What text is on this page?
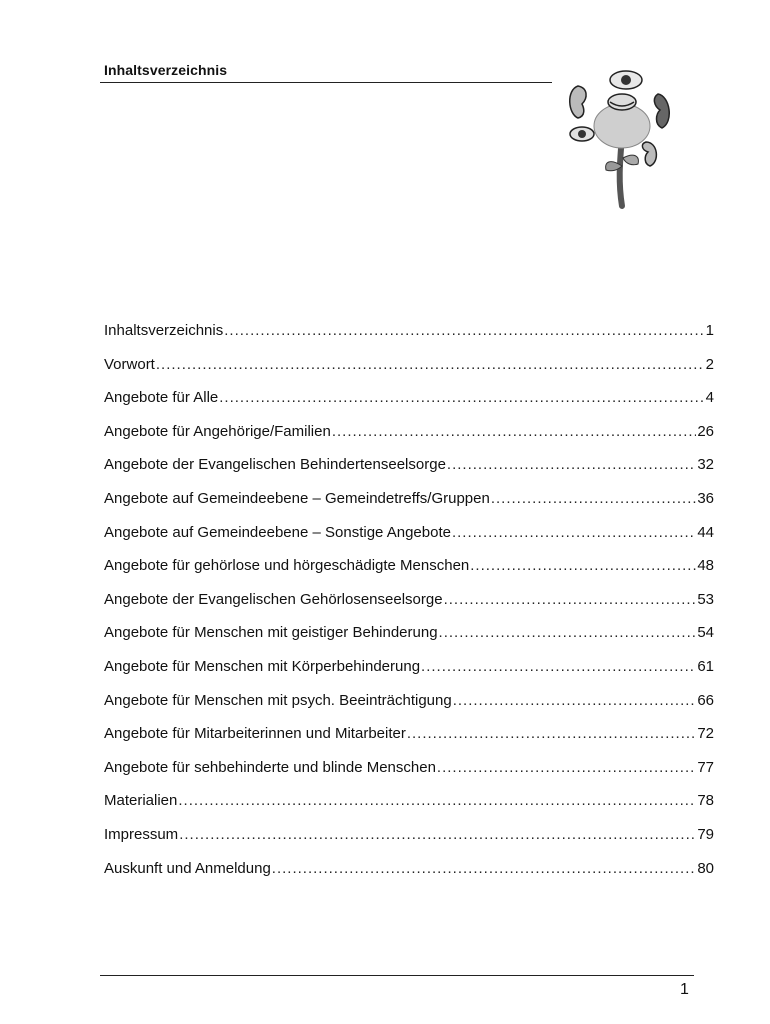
Inhaltsverzeichnis
Inhaltsverzeichnis .....	1
Vorwort .....	2
Angebote für Alle .....	4
Angebote für Angehörige/Familien .....	26
Angebote der Evangelischen Behindertenseelsorge .....	32
Angebote auf Gemeindeebene – Gemeindetreffs/Gruppen .....	36
Angebote auf Gemeindeebene – Sonstige Angebote .....	44
Angebote für gehörlose und hörgeschädigte Menschen .....	48
Angebote der Evangelischen Gehörlosenseelsorge .....	53
Angebote für Menschen mit geistiger Behinderung .....	54
Angebote für Menschen mit Körperbehinderung .....	61
Angebote für Menschen mit psych. Beeinträchtigung .....	66
Angebote für Mitarbeiterinnen und Mitarbeiter .....	72
Angebote für sehbehinderte und blinde Menschen .....	77
Materialien .....	78
Impressum .....	79
Auskunft und Anmeldung .....	80
1
